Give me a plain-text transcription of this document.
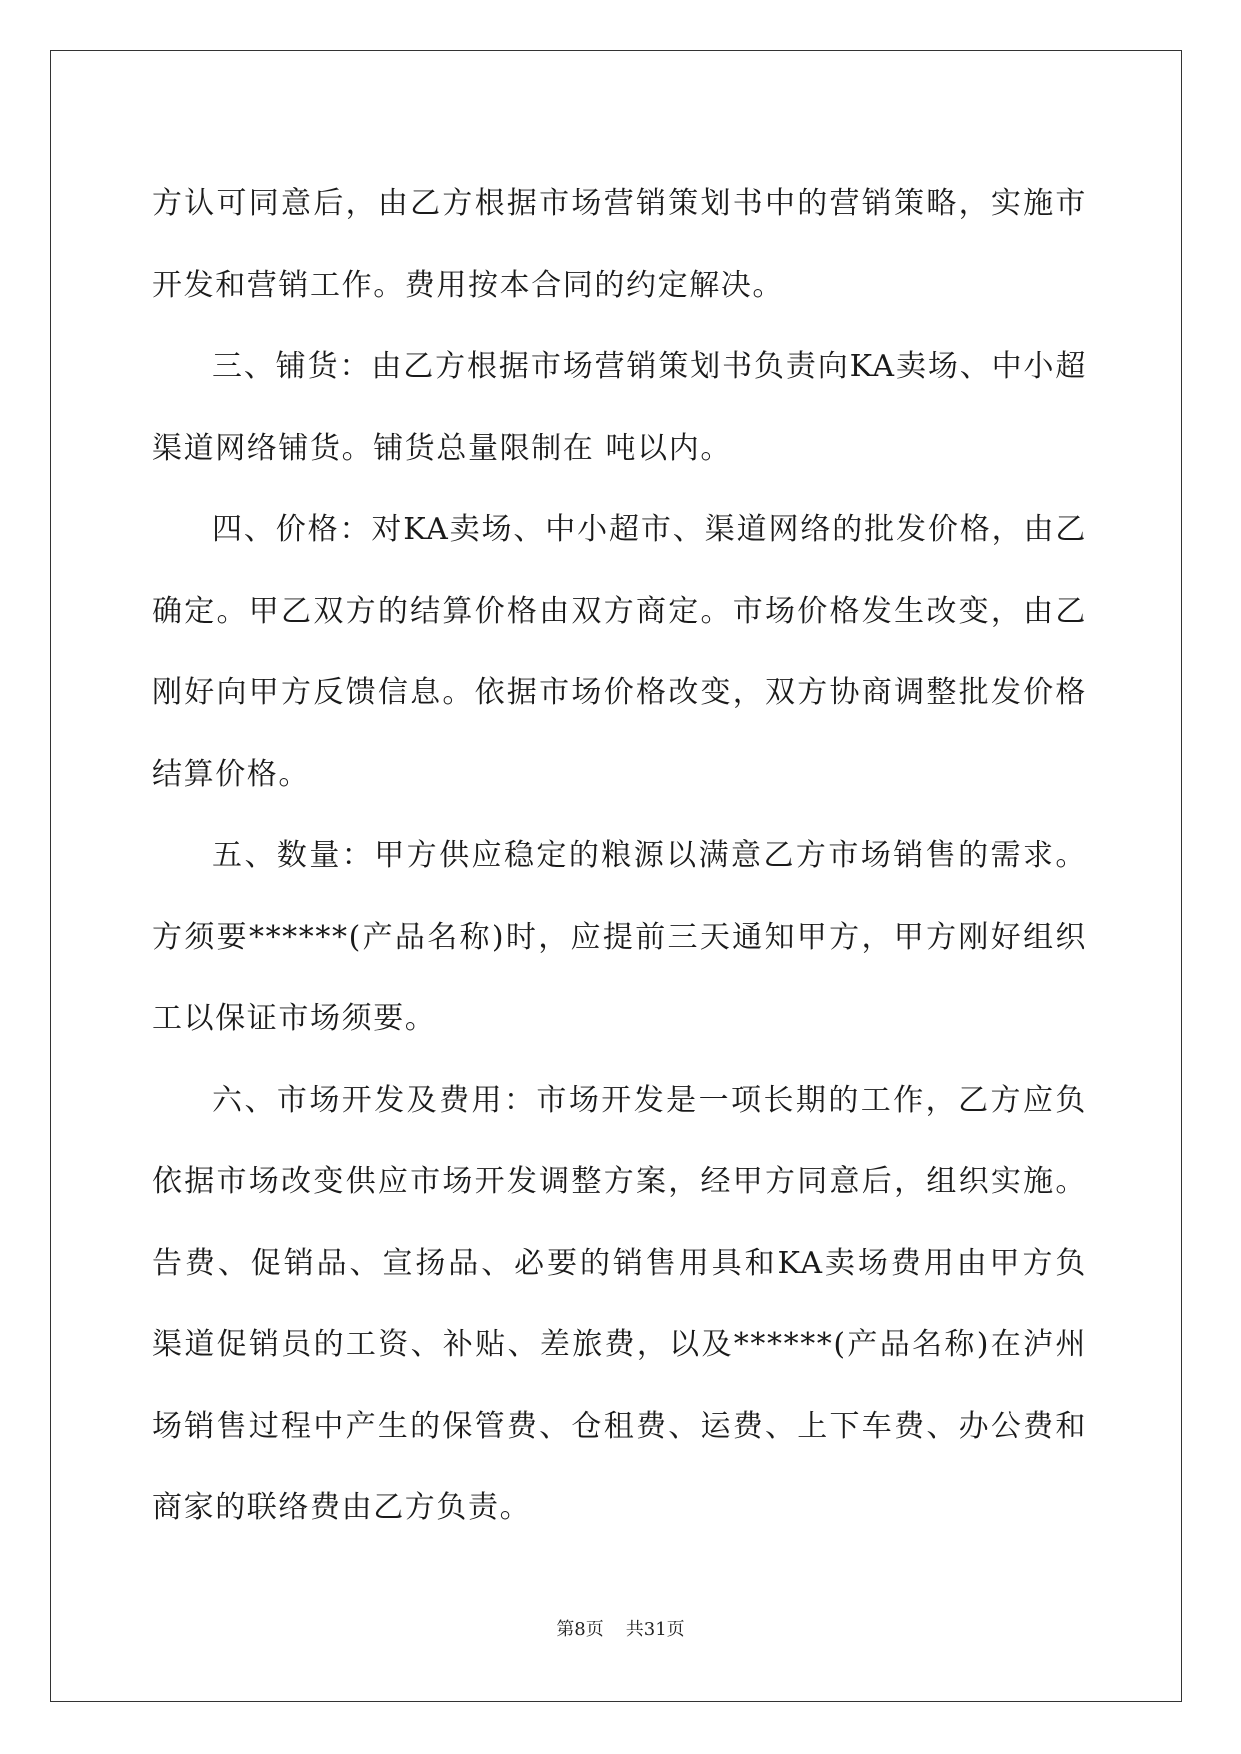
方认可同意后，由乙方根据市场营销策划书中的营销策略，实施市
开发和营销工作。费用按本合同的约定解决。
三、铺货：由乙方根据市场营销策划书负责向KA卖场、中小超
渠道网络铺货。铺货总量限制在 吨以内。
四、价格：对KA卖场、中小超市、渠道网络的批发价格，由乙
确定。甲乙双方的结算价格由双方商定。市场价格发生改变，由乙
刚好向甲方反馈信息。依据市场价格改变，双方协商调整批发价格
结算价格。
五、数量：甲方供应稳定的粮源以满意乙方市场销售的需求。
方须要******(产品名称)时，应提前三天通知甲方，甲方刚好组织
工以保证市场须要。
六、市场开发及费用：市场开发是一项长期的工作，乙方应负
依据市场改变供应市场开发调整方案，经甲方同意后，组织实施。
告费、促销品、宣扬品、必要的销售用具和KA卖场费用由甲方负
渠道促销员的工资、补贴、差旅费，以及******(产品名称)在泸州
场销售过程中产生的保管费、仓租费、运费、上下车费、办公费和
商家的联络费由乙方负责。
第8页 共31页
